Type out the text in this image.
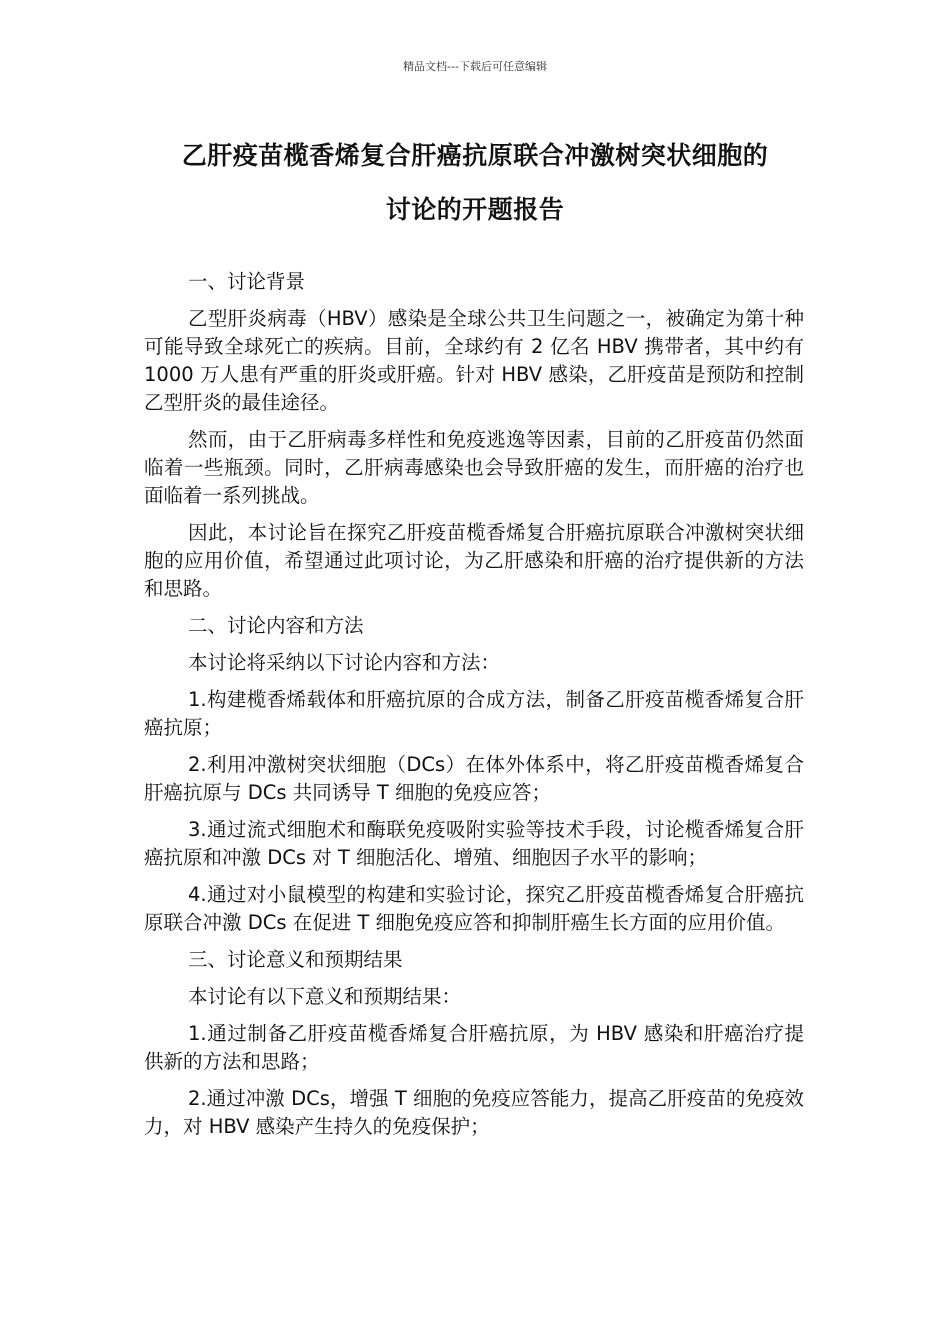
精品文档---下载后可任意编辑
乙肝疫苗榄香烯复合肝癌抗原联合冲激树突状细胞的
讨论的开题报告

一、讨论背景

乙型肝炎病毒（HBV）感染是全球公共卫生问题之一，被确定为第十种可能导致全球死亡的疾病。目前，全球约有 2 亿名 HBV 携带者，其中约有 1000 万人患有严重的肝炎或肝癌。针对 HBV 感染，乙肝疫苗是预防和控制乙型肝炎的最佳途径。

然而，由于乙肝病毒多样性和免疫逃逸等因素，目前的乙肝疫苗仍然面临着一些瓶颈。同时，乙肝病毒感染也会导致肝癌的发生，而肝癌的治疗也面临着一系列挑战。

因此，本讨论旨在探究乙肝疫苗榄香烯复合肝癌抗原联合冲激树突状细胞的应用价值，希望通过此项讨论，为乙肝感染和肝癌的治疗提供新的方法和思路。

二、讨论内容和方法

本讨论将采纳以下讨论内容和方法：

1.构建榄香烯载体和肝癌抗原的合成方法，制备乙肝疫苗榄香烯复合肝癌抗原；

2.利用冲激树突状细胞（DCs）在体外体系中，将乙肝疫苗榄香烯复合肝癌抗原与 DCs 共同诱导 T 细胞的免疫应答；

3.通过流式细胞术和酶联免疫吸附实验等技术手段，讨论榄香烯复合肝癌抗原和冲激 DCs 对 T 细胞活化、增殖、细胞因子水平的影响；

4.通过对小鼠模型的构建和实验讨论，探究乙肝疫苗榄香烯复合肝癌抗原联合冲激 DCs 在促进 T 细胞免疫应答和抑制肝癌生长方面的应用价值。

三、讨论意义和预期结果

本讨论有以下意义和预期结果：

1.通过制备乙肝疫苗榄香烯复合肝癌抗原，为 HBV 感染和肝癌治疗提供新的方法和思路；

2.通过冲激 DCs，增强 T 细胞的免疫应答能力，提高乙肝疫苗的免疫效力，对 HBV 感染产生持久的免疫保护；
